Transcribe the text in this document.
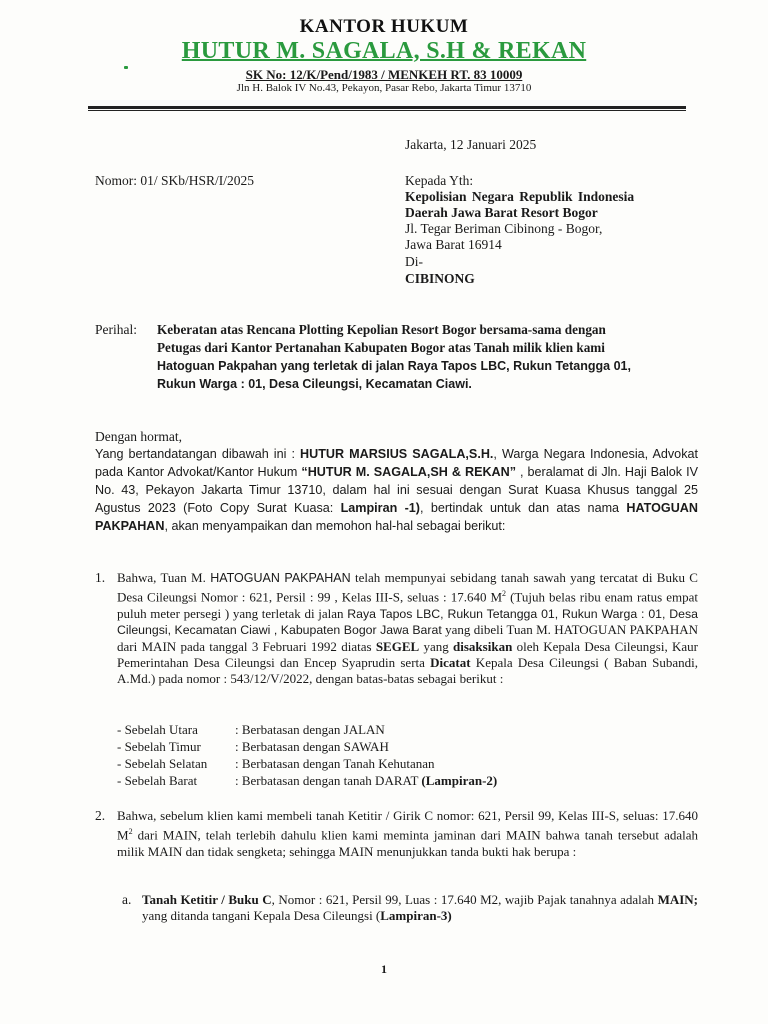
KANTOR HUKUM
HUTUR M. SAGALA, S.H & REKAN
SK No: 12/K/Pend/1983 / MENKEH RT. 83 10009
Jln H. Balok IV No.43, Pekayon, Pasar Rebo, Jakarta Timur 13710
Jakarta, 12 Januari 2025
Nomor: 01/ SKb/HSR/I/2025	Kepada Yth:
Kepolisian Negara Republik Indonesia
Daerah Jawa Barat Resort Bogor
Jl. Tegar Beriman Cibinong - Bogor,
Jawa Barat 16914
Di-
CIBINONG
Perihal: Keberatan atas Rencana Plotting Kepolian Resort Bogor bersama-sama dengan
Petugas dari Kantor Pertanahan Kabupaten Bogor atas Tanah milik klien kami
Hatoguan Pakpahan yang terletak di jalan Raya Tapos LBC, Rukun Tetangga 01,
Rukun Warga : 01, Desa Cileungsi, Kecamatan Ciawi.
Dengan hormat,
Yang bertandatangan dibawah ini : HUTUR MARSIUS SAGALA,S.H., Warga Negara Indonesia, Advokat pada Kantor Advokat/Kantor Hukum “HUTUR M. SAGALA,SH & REKAN” , beralamat di Jln. Haji Balok IV No. 43, Pekayon Jakarta Timur 13710, dalam hal ini sesuai dengan Surat Kuasa Khusus tanggal 25 Agustus 2023 (Foto Copy Surat Kuasa: Lampiran -1), bertindak untuk dan atas nama HATOGUAN PAKPAHAN, akan menyampaikan dan memohon hal-hal sebagai berikut:
1. Bahwa, Tuan M. HATOGUAN PAKPAHAN telah mempunyai sebidang tanah sawah yang tercatat di Buku C Desa Cileungsi Nomor : 621, Persil : 99 , Kelas III-S, seluas : 17.640 $M^2$ (Tujuh belas ribu enam ratus empat puluh meter persegi ) yang terletak di jalan Raya Tapos LBC, Rukun Tetangga 01, Rukun Warga : 01, Desa Cileungsi, Kecamatan Ciawi , Kabupaten Bogor Jawa Barat yang dibeli Tuan M. HATOGUAN PAKPAHAN dari MAIN pada tanggal 3 Februari 1992 diatas SEGEL yang disaksikan oleh Kepala Desa Cileungsi, Kaur Pemerintahan Desa Cileungsi dan Encep Syaprudin serta Dicatat Kepala Desa Cileungsi ( Baban Subandi, A.Md.) pada nomor : 543/12/V/2022, dengan batas-batas sebagai berikut :
- Sebelah Utara	: Berbatasan dengan JALAN
- Sebelah Timur	: Berbatasan dengan SAWAH
- Sebelah Selatan : Berbatasan dengan Tanah Kehutanan
- Sebelah Barat	: Berbatasan dengan tanah DARAT (Lampiran-2)
2. Bahwa, sebelum klien kami membeli tanah Ketitir / Girik C nomor: 621, Persil 99, Kelas III-S, seluas: 17.640 $M^2$ dari MAIN, telah terlebih dahulu klien kami meminta jaminan dari MAIN bahwa tanah tersebut adalah milik MAIN dan tidak sengketa; sehingga MAIN menunjukkan tanda bukti hak berupa :
a. Tanah Ketitir / Buku C, Nomor : 621, Persil 99, Luas : 17.640 M2, wajib Pajak tanahnya adalah MAIN; yang ditanda tangani Kepala Desa Cileungsi (Lampiran-3)
1
